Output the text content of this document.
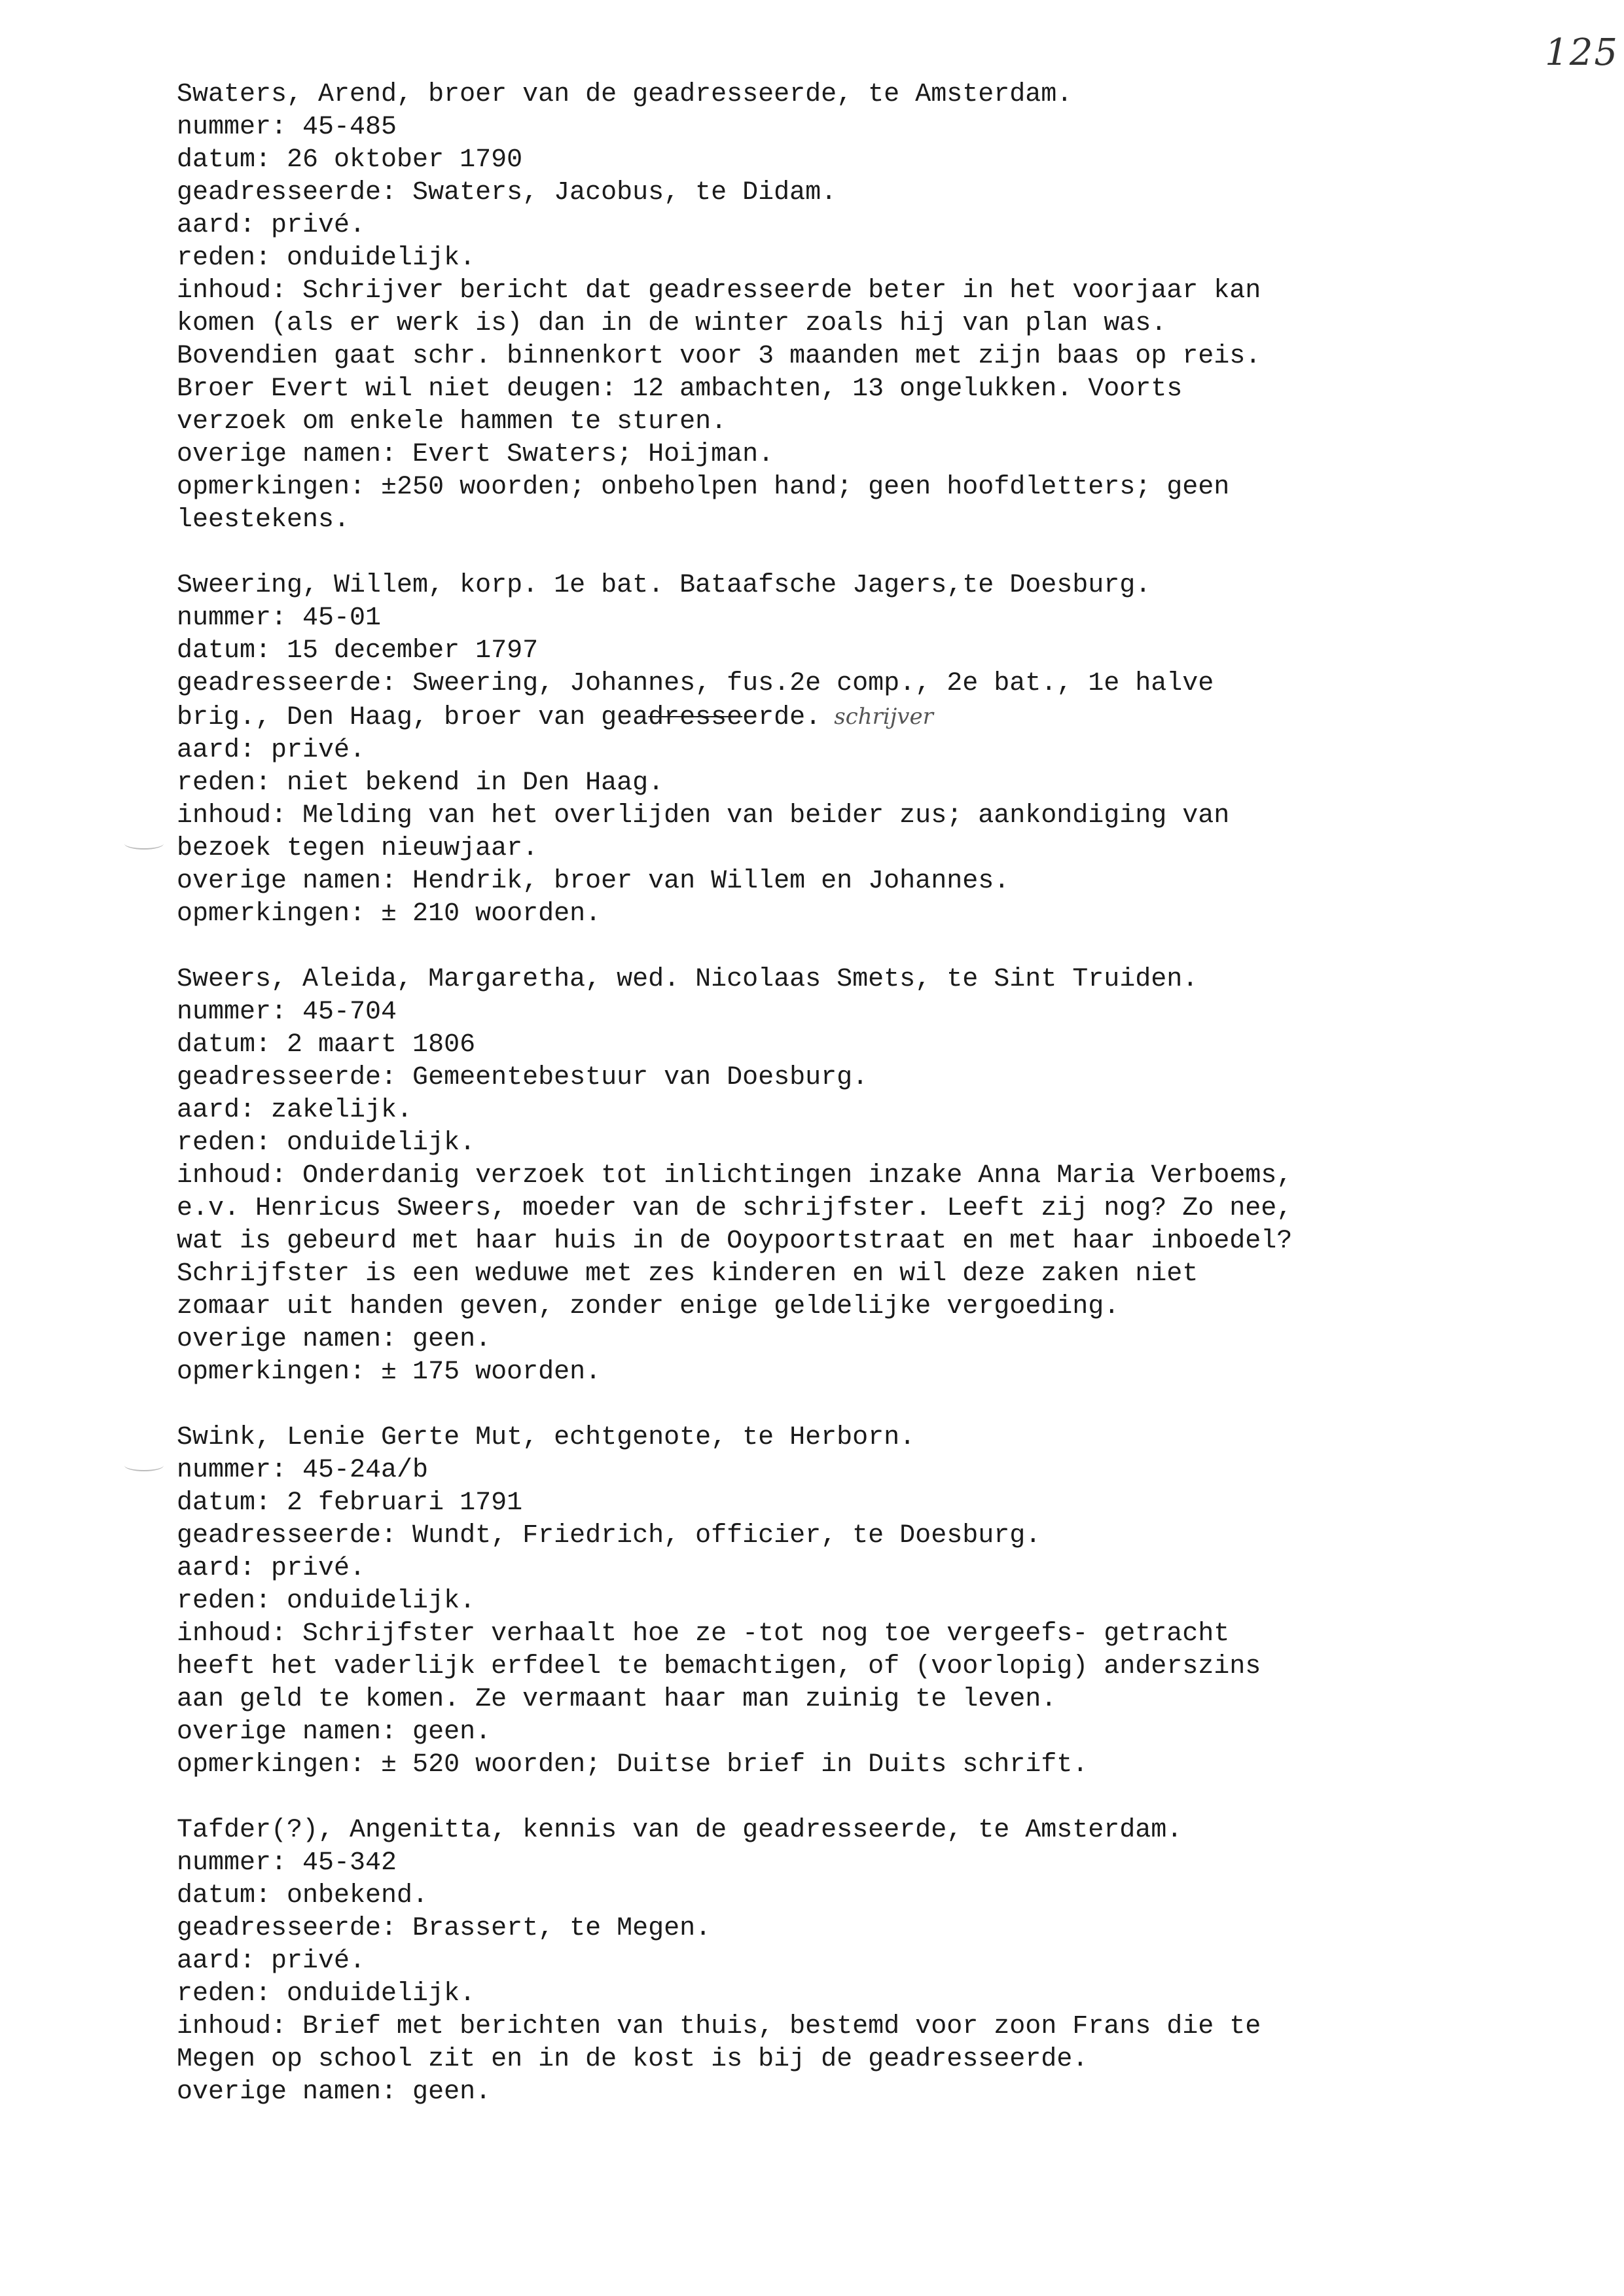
125
Swaters, Arend, broer van de geadresseerde, te Amsterdam.
nummer: 45-485
datum: 26 oktober 1790
geadresseerde: Swaters, Jacobus, te Didam.
aard: privé.
reden: onduidelijk.
inhoud: Schrijver bericht dat geadresseerde beter in het voorjaar kan
komen (als er werk is) dan in de winter zoals hij van plan was.
Bovendien gaat schr. binnenkort voor 3 maanden met zijn baas op reis.
Broer Evert wil niet deugen: 12 ambachten, 13 ongelukken. Voorts
verzoek om enkele hammen te sturen.
overige namen: Evert Swaters; Hoijman.
opmerkingen: ±250 woorden; onbeholpen hand; geen hoofdletters; geen
leestekens.
Sweering, Willem, korp. 1e bat. Bataafsche Jagers,te Doesburg.
nummer: 45-01
datum: 15 december 1797
geadresseerde: Sweering, Johannes, fus.2e comp., 2e bat., 1e halve
brig., Den Haag, broer van geadresseerde. schrijver
aard: privé.
reden: niet bekend in Den Haag.
inhoud: Melding van het overlijden van beider zus; aankondiging van
bezoek tegen nieuwjaar.
overige namen: Hendrik, broer van Willem en Johannes.
opmerkingen: ± 210 woorden.
Sweers, Aleida, Margaretha, wed. Nicolaas Smets, te Sint Truiden.
nummer: 45-704
datum: 2 maart 1806
geadresseerde: Gemeentebestuur van Doesburg.
aard: zakelijk.
reden: onduidelijk.
inhoud: Onderdanig verzoek tot inlichtingen inzake Anna Maria Verboems,
e.v. Henricus Sweers, moeder van de schrijfster. Leeft zij nog? Zo nee,
wat is gebeurd met haar huis in de Ooypoortstraat en met haar inboedel?
Schrijfster is een weduwe met zes kinderen en wil deze zaken niet
zomaar uit handen geven, zonder enige geldelijke vergoeding.
overige namen: geen.
opmerkingen: ± 175 woorden.
Swink, Lenie Gerte Mut, echtgenote, te Herborn.
nummer: 45-24a/b
datum: 2 februari 1791
geadresseerde: Wundt, Friedrich, officier, te Doesburg.
aard: privé.
reden: onduidelijk.
inhoud: Schrijfster verhaalt hoe ze -tot nog toe vergeefs- getracht
heeft het vaderlijk erfdeel te bemachtigen, of (voorlopig) anderszins
aan geld te komen. Ze vermaant haar man zuinig te leven.
overige namen: geen.
opmerkingen: ± 520 woorden; Duitse brief in Duits schrift.
Tafder(?), Angenitta, kennis van de geadresseerde, te Amsterdam.
nummer: 45-342
datum: onbekend.
geadresseerde: Brassert, te Megen.
aard: privé.
reden: onduidelijk.
inhoud: Brief met berichten van thuis, bestemd voor zoon Frans die te
Megen op school zit en in de kost is bij de geadresseerde.
overige namen: geen.
